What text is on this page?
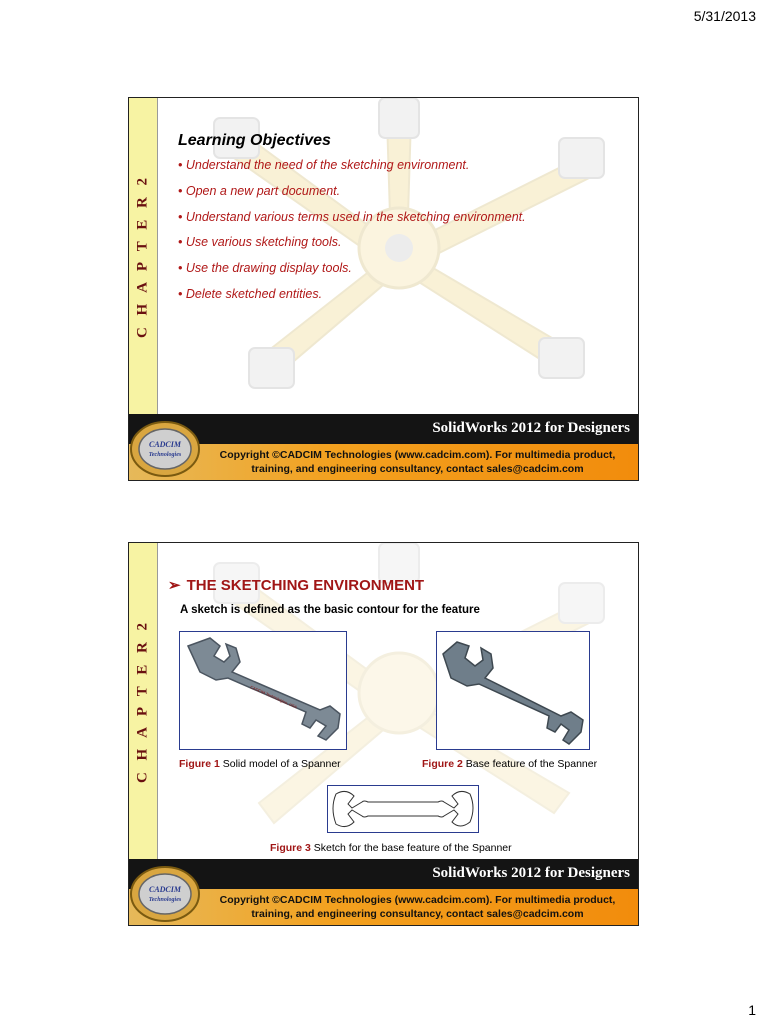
5/31/2013
C H A P T E R 2
Learning Objectives
• Understand the need of the sketching environment.
• Open a new part document.
• Understand various terms used in the sketching environment.
• Use various sketching tools.
• Use the drawing display tools.
• Delete sketched entities.
SolidWorks 2012 for Designers
Copyright ©CADCIM Technologies (www.cadcim.com). For multimedia product,
training, and engineering consultancy, contact sales@cadcim.com
CADCIM
Technologies
C H A P T E R 2
➢ THE SKETCHING ENVIRONMENT
A sketch is defined as the basic contour for the feature
CADCIM Technologies, USA
Figure 1 Solid model of a Spanner	Figure 2 Base feature of the Spanner
Figure 3 Sketch for the base feature of the Spanner
SolidWorks 2012 for Designers
Copyright ©CADCIM Technologies (www.cadcim.com). For multimedia product,
training, and engineering consultancy, contact sales@cadcim.com
CADCIM
Technologies
1
